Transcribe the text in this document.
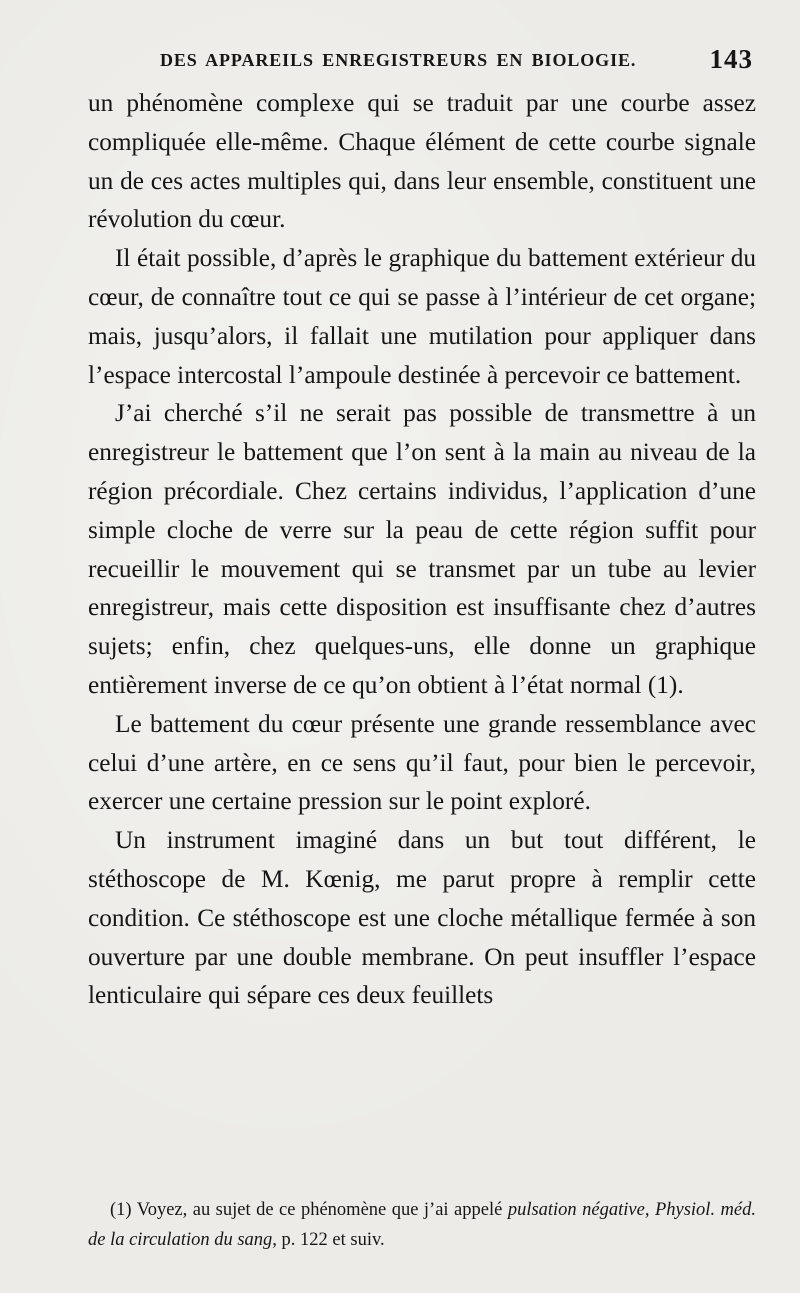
DES APPAREILS ENREGISTREURS EN BIOLOGIE.	143

un phénomène complexe qui se traduit par une courbe assez compliquée elle-même. Chaque élément de cette courbe signale un de ces actes multiples qui, dans leur ensemble, constituent une révolution du cœur.

Il était possible, d’après le graphique du battement extérieur du cœur, de connaître tout ce qui se passe à l’intérieur de cet organe; mais, jusqu’alors, il fallait une mutilation pour appliquer dans l’espace intercostal l’ampoule destinée à percevoir ce battement.

J’ai cherché s’il ne serait pas possible de transmettre à un enregistreur le battement que l’on sent à la main au niveau de la région précordiale. Chez certains individus, l’application d’une simple cloche de verre sur la peau de cette région suffit pour recueillir le mouvement qui se transmet par un tube au levier enregistreur, mais cette disposition est insuffisante chez d’autres sujets; enfin, chez quelques-uns, elle donne un graphique entièrement inverse de ce qu’on obtient à l’état normal (1).

Le battement du cœur présente une grande ressemblance avec celui d’une artère, en ce sens qu’il faut, pour bien le percevoir, exercer une certaine pression sur le point exploré.

Un instrument imaginé dans un but tout différent, le stéthoscope de M. Kœnig, me parut propre à remplir cette condition. Ce stéthoscope est une cloche métallique fermée à son ouverture par une double membrane. On peut insuffler l’espace lenticulaire qui sépare ces deux feuillets

(1) Voyez, au sujet de ce phénomène que j’ai appelé pulsation négative, Physiol. méd. de la circulation du sang, p. 122 et suiv.
